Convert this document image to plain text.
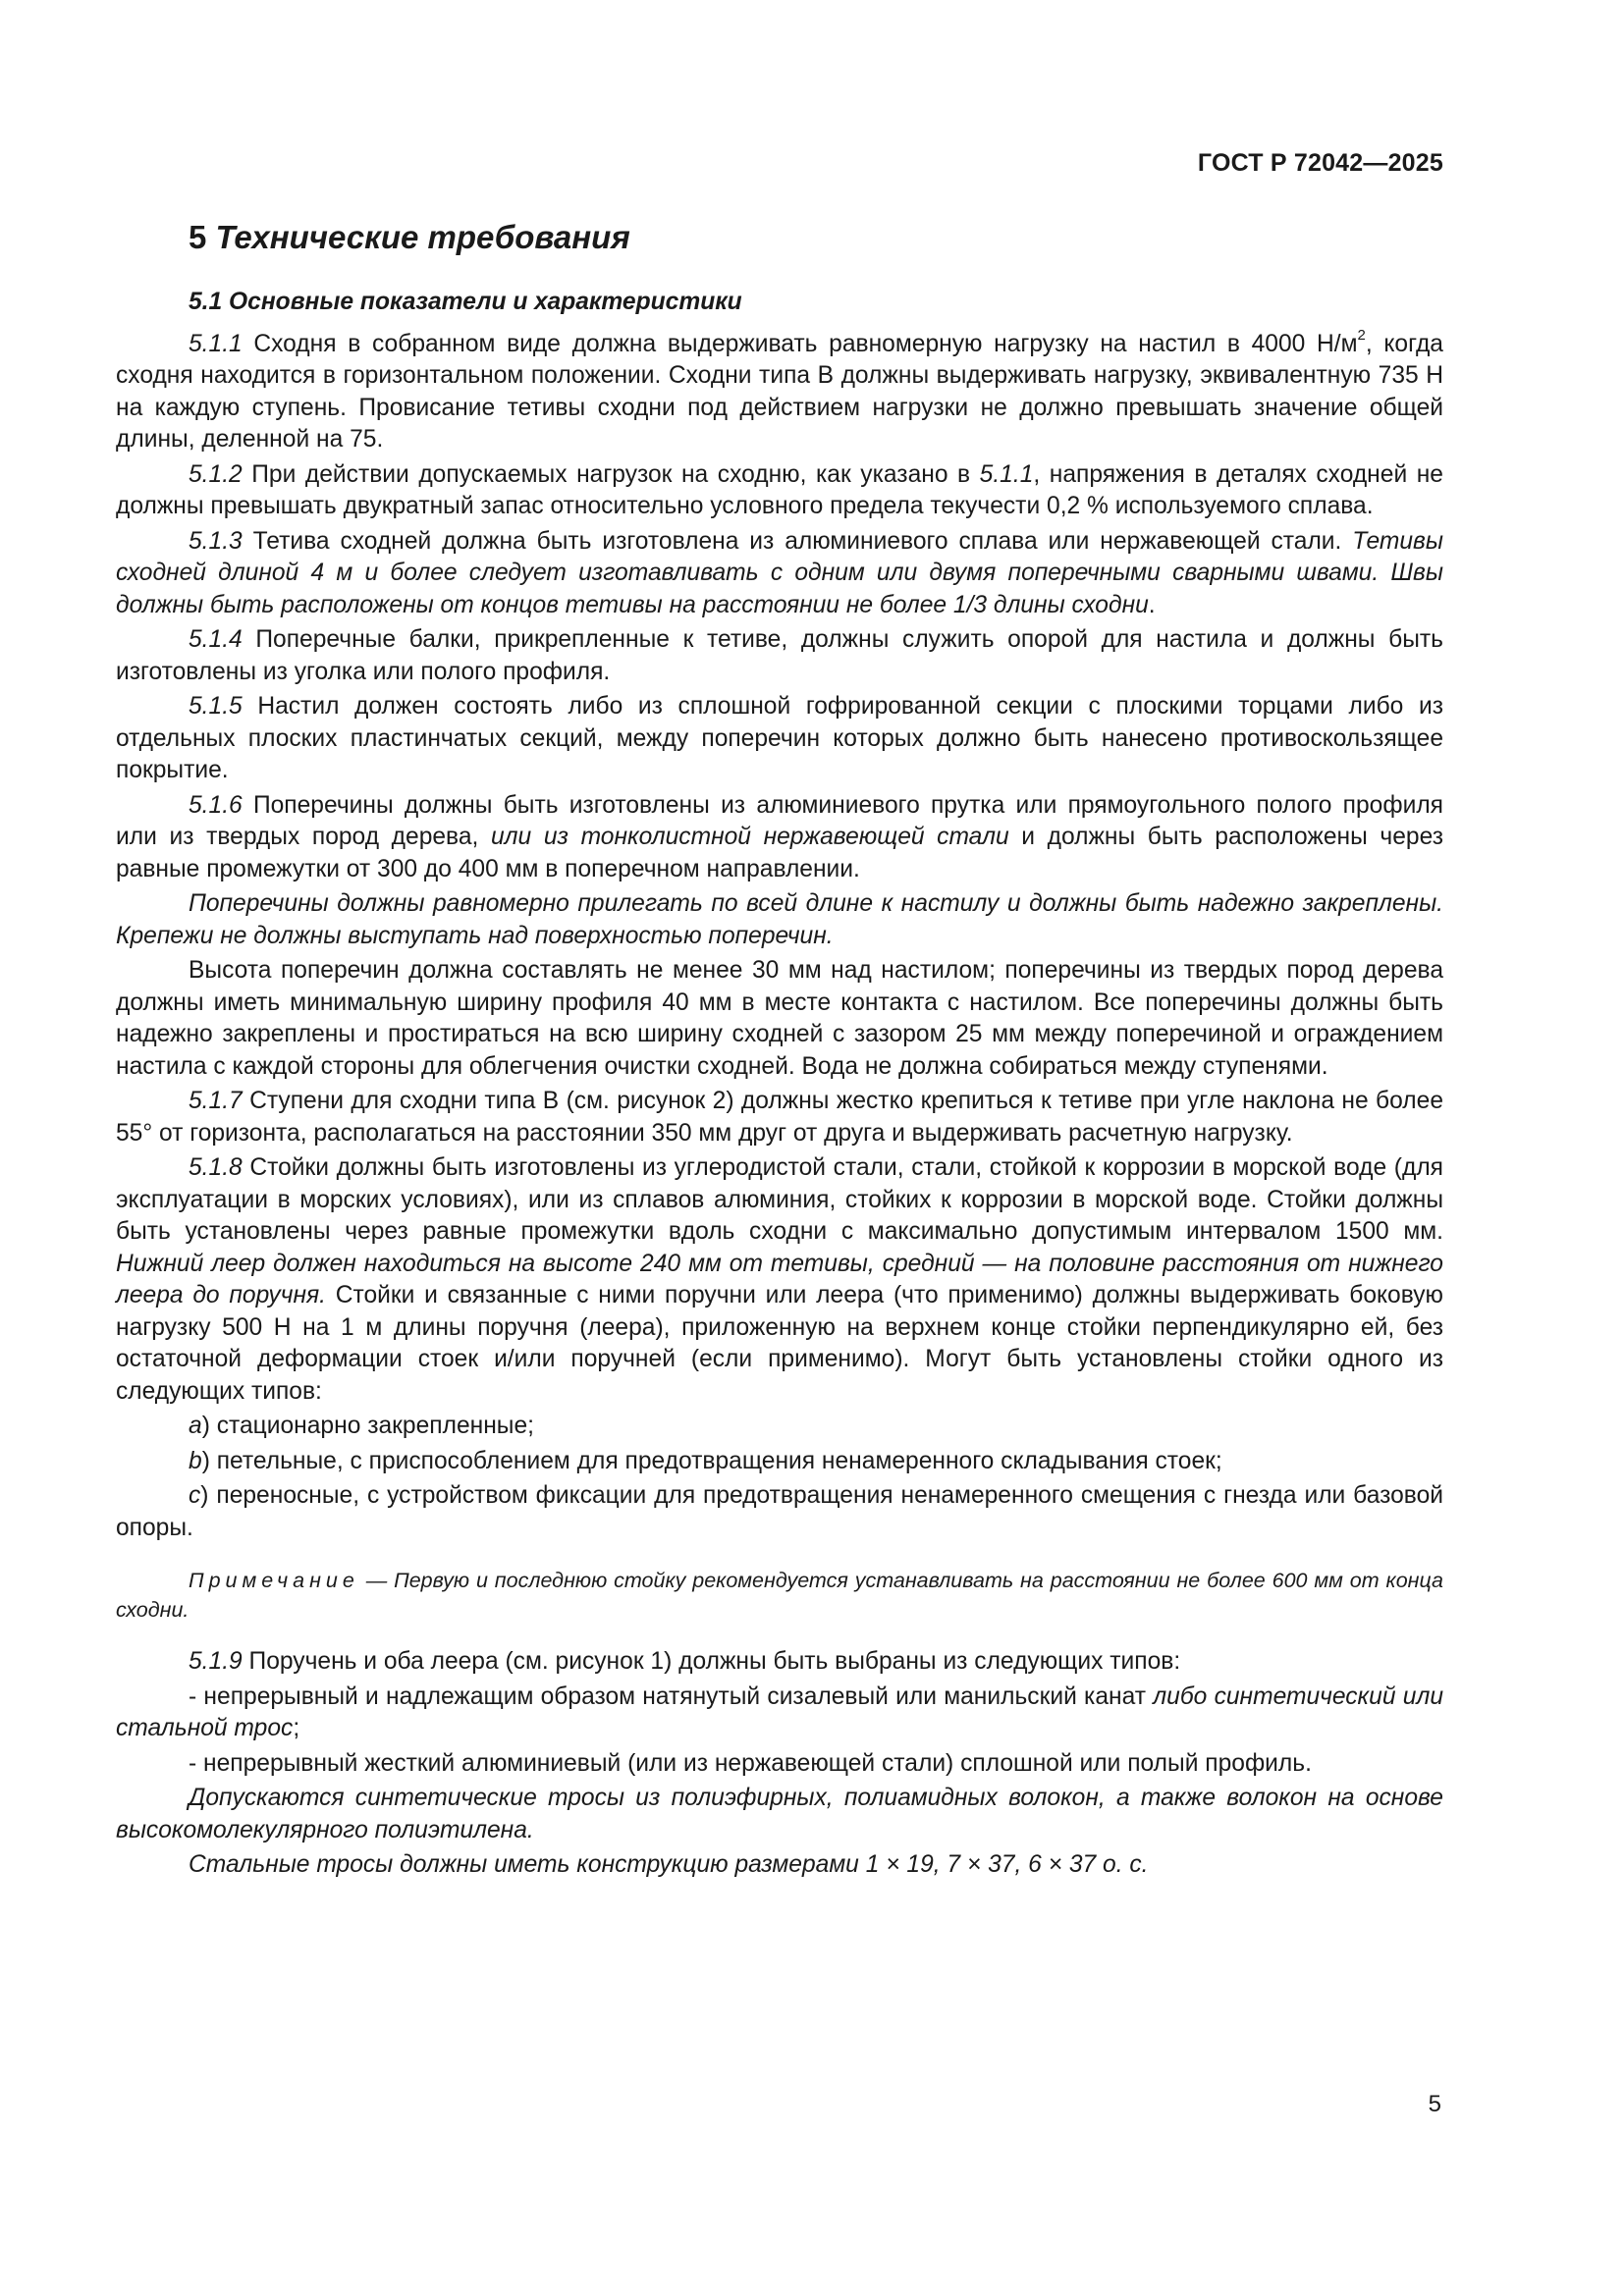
ГОСТ Р 72042—2025
5 Технические требования
5.1 Основные показатели и характеристики

5.1.1 Сходня в собранном виде должна выдерживать равномерную нагрузку на настил в 4000 $Н/м^2$, когда сходня находится в горизонтальном положении. Сходни типа В должны выдерживать нагрузку, эквивалентную 735 Н на каждую ступень. Провисание тетивы сходни под действием нагрузки не должно превышать значение общей длины, деленной на 75.

5.1.2 При действии допускаемых нагрузок на сходню, как указано в 5.1.1, напряжения в деталях сходней не должны превышать двукратный запас относительно условного предела текучести 0,2 % используемого сплава.

5.1.3 Тетива сходней должна быть изготовлена из алюминиевого сплава или нержавеющей стали. Тетивы сходней длиной 4 м и более следует изготавливать с одним или двумя поперечными сварными швами. Швы должны быть расположены от концов тетивы на расстоянии не более 1/3 длины сходни.

5.1.4 Поперечные балки, прикрепленные к тетиве, должны служить опорой для настила и должны быть изготовлены из уголка или полого профиля.

5.1.5 Настил должен состоять либо из сплошной гофрированной секции с плоскими торцами либо из отдельных плоских пластинчатых секций, между поперечин которых должно быть нанесено противоскользящее покрытие.

5.1.6 Поперечины должны быть изготовлены из алюминиевого прутка или прямоугольного полого профиля или из твердых пород дерева, или из тонколистной нержавеющей стали и должны быть расположены через равные промежутки от 300 до 400 мм в поперечном направлении.

Поперечины должны равномерно прилегать по всей длине к настилу и должны быть надежно закреплены. Крепежи не должны выступать над поверхностью поперечин.

Высота поперечин должна составлять не менее 30 мм над настилом; поперечины из твердых пород дерева должны иметь минимальную ширину профиля 40 мм в месте контакта с настилом. Все поперечины должны быть надежно закреплены и простираться на всю ширину сходней с зазором 25 мм между поперечиной и ограждением настила с каждой стороны для облегчения очистки сходней. Вода не должна собираться между ступенями.

5.1.7 Ступени для сходни типа В (см. рисунок 2) должны жестко крепиться к тетиве при угле наклона не более 55° от горизонта, располагаться на расстоянии 350 мм друг от друга и выдерживать расчетную нагрузку.

5.1.8 Стойки должны быть изготовлены из углеродистой стали, стали, стойкой к коррозии в морской воде (для эксплуатации в морских условиях), или из сплавов алюминия, стойких к коррозии в морской воде. Стойки должны быть установлены через равные промежутки вдоль сходни с максимально допустимым интервалом 1500 мм. Нижний леер должен находиться на высоте 240 мм от тетивы, средний — на половине расстояния от нижнего леера до поручня. Стойки и связанные с ними поручни или леера (что применимо) должны выдерживать боковую нагрузку 500 Н на 1 м длины поручня (леера), приложенную на верхнем конце стойки перпендикулярно ей, без остаточной деформации стоек и/или поручней (если применимо). Могут быть установлены стойки одного из следующих типов:

a) стационарно закрепленные;

b) петельные, с приспособлением для предотвращения ненамеренного складывания стоек;

c) переносные, с устройством фиксации для предотвращения ненамеренного смещения с гнезда или базовой опоры.

Примечание — Первую и последнюю стойку рекомендуется устанавливать на расстоянии не более 600 мм от конца сходни.

5.1.9 Поручень и оба леера (см. рисунок 1) должны быть выбраны из следующих типов:

- непрерывный и надлежащим образом натянутый сизалевый или манильский канат либо синтетический или стальной трос;

- непрерывный жесткий алюминиевый (или из нержавеющей стали) сплошной или полый профиль.

Допускаются синтетические тросы из полиэфирных, полиамидных волокон, а также волокон на основе высокомолекулярного полиэтилена.

Стальные тросы должны иметь конструкцию размерами 1 × 19, 7 × 37, 6 × 37 о. с.

5
